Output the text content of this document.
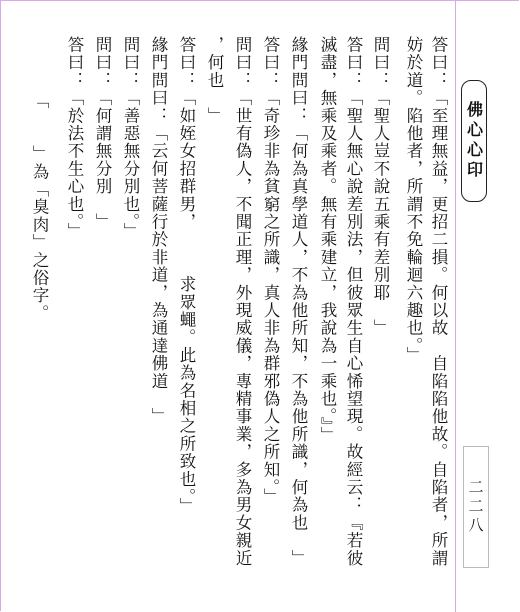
佛心心印
二二八
答曰：「至理無益，更招二損。何以故　自陷陷他故。自陷者，所謂
妨於道。陷他者，所謂不免輪迴六趣也。」
問曰：「聖人豈不說五乘有差別耶　」
答曰：「聖人無心說差別法，但彼眾生自心悕望現。故經云：『若彼
滅盡，無乘及乘者。無有乘建立，我說為一乘也。』」
緣門問曰：「何為真學道人，不為他所知，不為他所識，何為也　」
答曰：「奇珍非為貧窮之所識，真人非為群邪偽人之所知。」
問曰：「世有偽人，不聞正理，外現威儀，專精事業，多為男女親近
，何也　」
答曰：「如姪女招群男，　　　求眾蠅。此為名相之所致也。」
緣門問曰：「云何菩薩行於非道，為通達佛道　」
問曰：「善惡無分別也。」
問曰：「何謂無分別　」
答曰：「於法不生心也。」
「　　」為「臭肉」之俗字。
